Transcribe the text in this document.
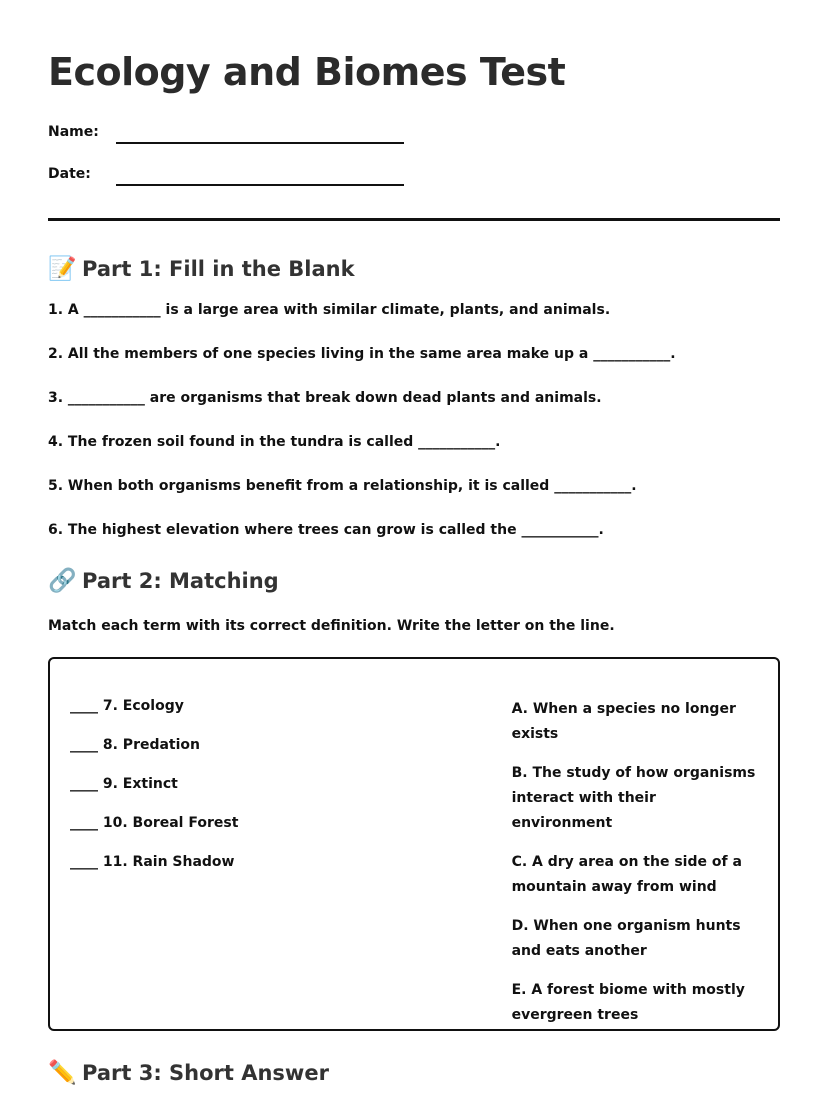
Ecology and Biomes Test
Name:
Date:
📝 Part 1: Fill in the Blank

1. A ___________ is a large area with similar climate, plants, and animals.

2. All the members of one species living in the same area make up a ___________.

3. ___________ are organisms that break down dead plants and animals.

4. The frozen soil found in the tundra is called ___________.

5. When both organisms benefit from a relationship, it is called ___________.

6. The highest elevation where trees can grow is called the ___________.

🔗 Part 2: Matching
Match each term with its correct definition. Write the letter on the line.

____ 7. Ecology

____ 8. Predation

____ 9. Extinct

____ 10. Boreal Forest

____ 11. Rain Shadow

A. When a species no longer exists

B. The study of how organisms interact with their environment

C. A dry area on the side of a mountain away from wind

D. When one organism hunts and eats another

E. A forest biome with mostly evergreen trees

✏️ Part 3: Short Answer
